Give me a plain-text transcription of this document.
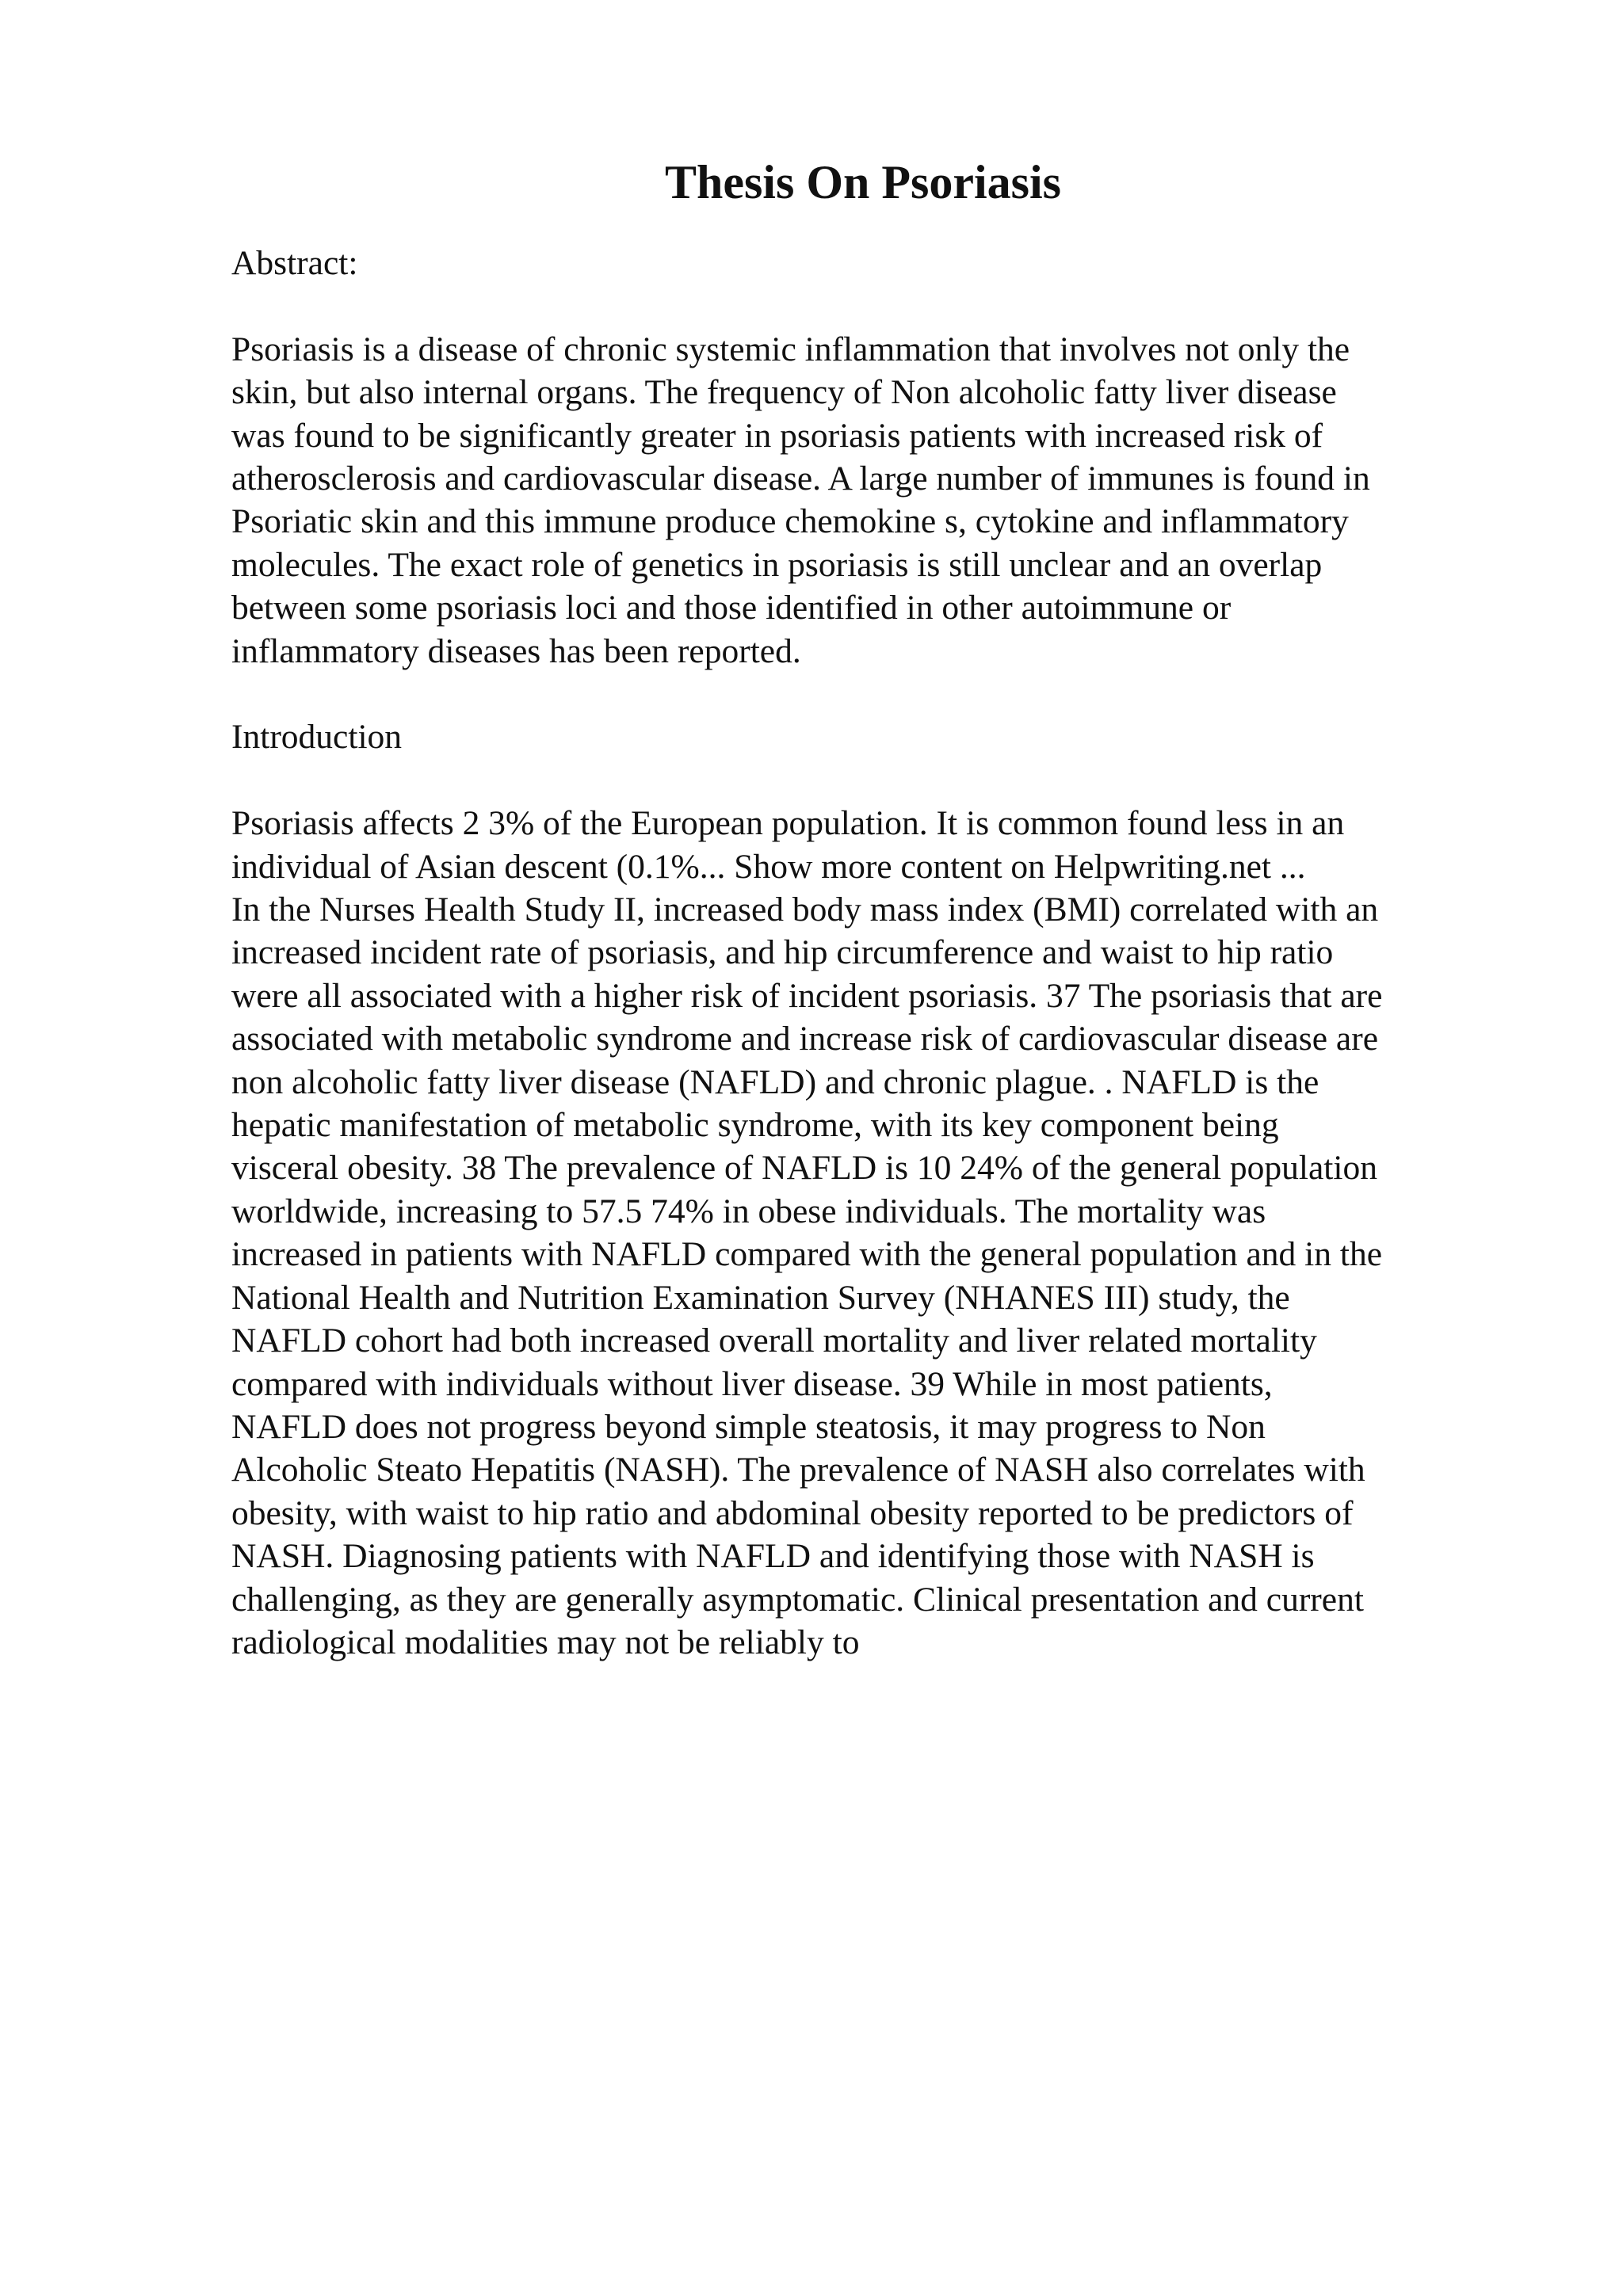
Thesis On Psoriasis

Abstract:

Psoriasis is a disease of chronic systemic inflammation that involves not only the
skin, but also internal organs. The frequency of Non alcoholic fatty liver disease
was found to be significantly greater in psoriasis patients with increased risk of
atherosclerosis and cardiovascular disease. A large number of immunes is found in
Psoriatic skin and this immune produce chemokine s, cytokine and inflammatory
molecules. The exact role of genetics in psoriasis is still unclear and an overlap
between some psoriasis loci and those identified in other autoimmune or
inflammatory diseases has been reported.

Introduction

Psoriasis affects 2 3% of the European population. It is common found less in an
individual of Asian descent (0.1%... Show more content on Helpwriting.net ...
In the Nurses Health Study II, increased body mass index (BMI) correlated with an
increased incident rate of psoriasis, and hip circumference and waist to hip ratio
were all associated with a higher risk of incident psoriasis. 37 The psoriasis that are
associated with metabolic syndrome and increase risk of cardiovascular disease are
non alcoholic fatty liver disease (NAFLD) and chronic plague. . NAFLD is the
hepatic manifestation of metabolic syndrome, with its key component being
visceral obesity. 38 The prevalence of NAFLD is 10 24% of the general population
worldwide, increasing to 57.5 74% in obese individuals. The mortality was
increased in patients with NAFLD compared with the general population and in the
National Health and Nutrition Examination Survey (NHANES III) study, the
NAFLD cohort had both increased overall mortality and liver related mortality
compared with individuals without liver disease. 39 While in most patients,
NAFLD does not progress beyond simple steatosis, it may progress to Non
Alcoholic Steato Hepatitis (NASH). The prevalence of NASH also correlates with
obesity, with waist to hip ratio and abdominal obesity reported to be predictors of
NASH. Diagnosing patients with NAFLD and identifying those with NASH is
challenging, as they are generally asymptomatic. Clinical presentation and current
radiological modalities may not be reliably to
